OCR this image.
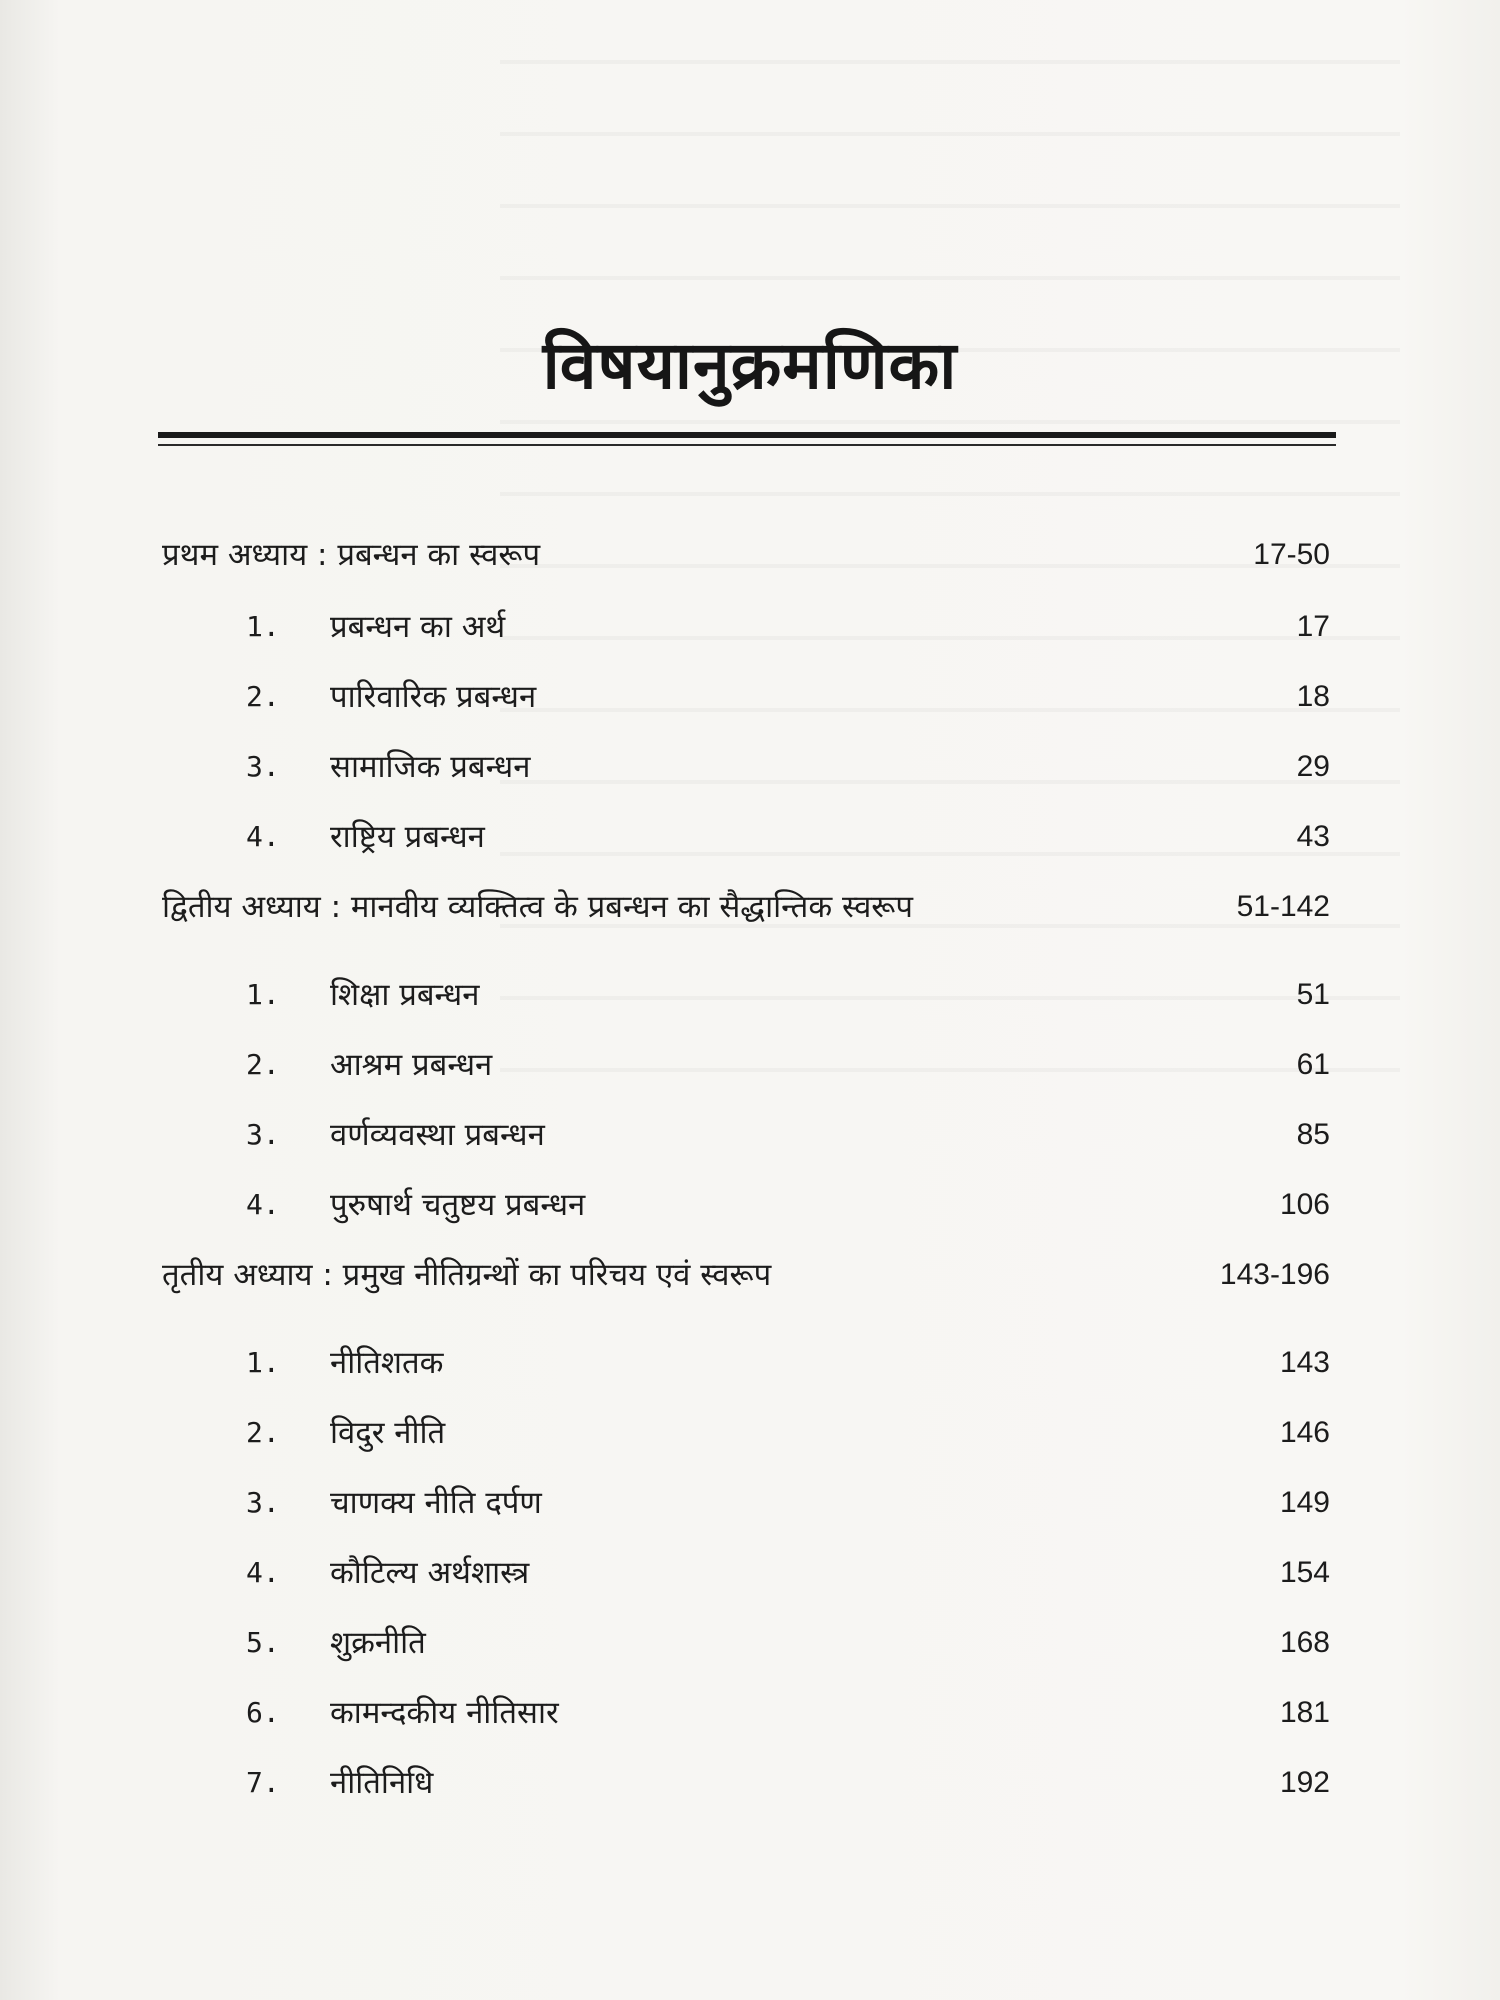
विषयानुक्रमणिका
प्रथम अध्याय : प्रबन्धन का स्वरूप	17-50
1.	प्रबन्धन का अर्थ	17
2.	पारिवारिक प्रबन्धन	18
3.	सामाजिक प्रबन्धन	29
4.	राष्ट्रिय प्रबन्धन	43
द्वितीय अध्याय : मानवीय व्यक्तित्व के प्रबन्धन का सैद्धान्तिक स्वरूप	51-142
1.	शिक्षा प्रबन्धन	51
2.	आश्रम प्रबन्धन	61
3.	वर्णव्यवस्था प्रबन्धन	85
4.	पुरुषार्थ चतुष्टय प्रबन्धन	106
तृतीय अध्याय : प्रमुख नीतिग्रन्थों का परिचय एवं स्वरूप	143-196
1.	नीतिशतक	143
2.	विदुर नीति	146
3.	चाणक्य नीति दर्पण	149
4.	कौटिल्य अर्थशास्त्र	154
5.	शुक्रनीति	168
6.	कामन्दकीय नीतिसार	181
7.	नीतिनिधि	192
